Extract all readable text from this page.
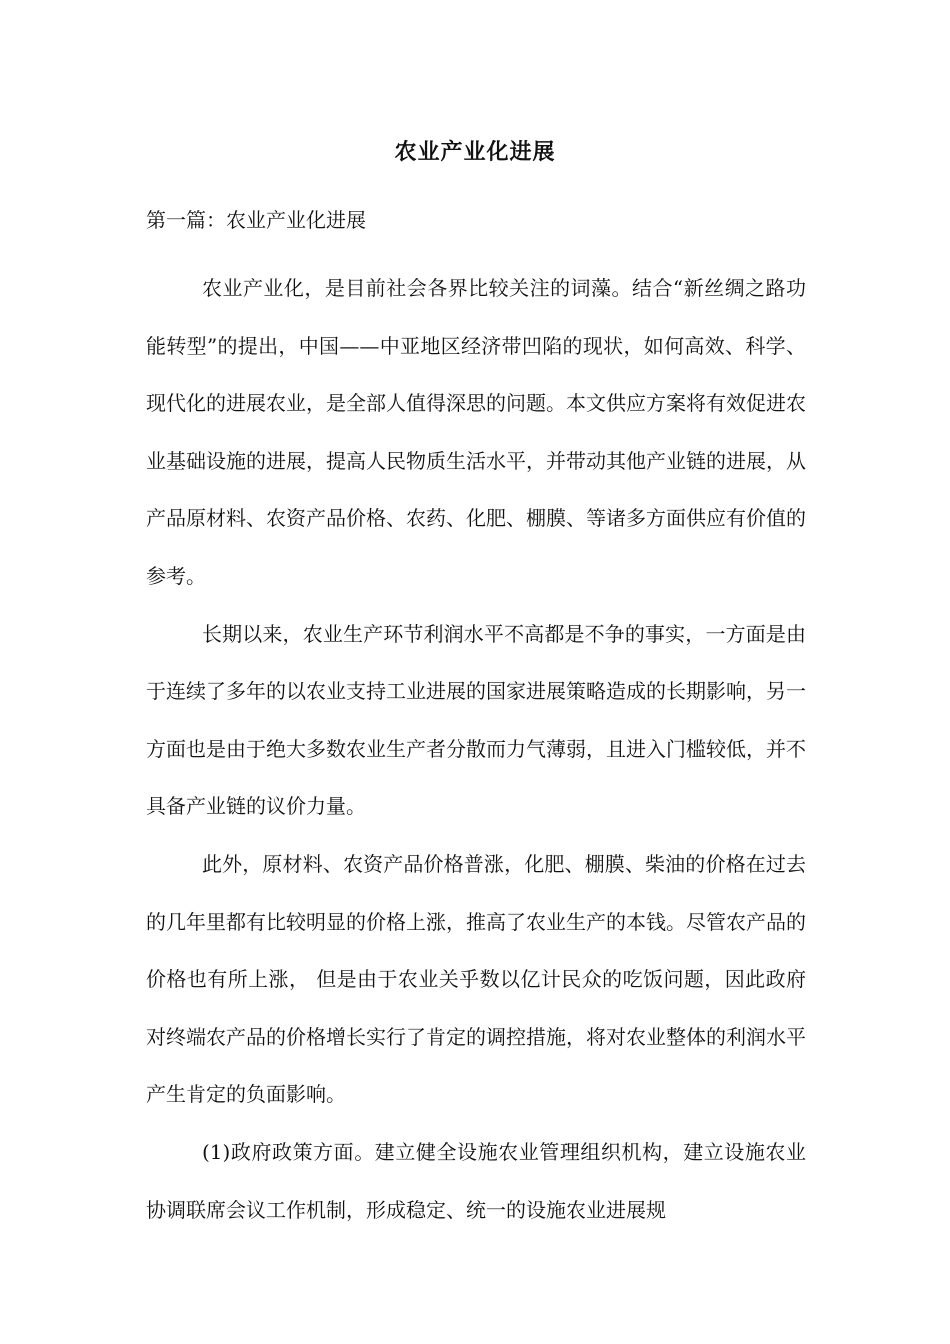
农业产业化进展
第一篇：农业产业化进展

农业产业化，是目前社会各界比较关注的词藻。结合“新丝绸之路功能转型”的提出，中国——中亚地区经济带凹陷的现状，如何高效、科学、现代化的进展农业，是全部人值得深思的问题。本文供应方案将有效促进农业基础设施的进展，提高人民物质生活水平，并带动其他产业链的进展，从产品原材料、农资产品价格、农药、化肥、棚膜、等诸多方面供应有价值的参考。

长期以来，农业生产环节利润水平不高都是不争的事实，一方面是由于连续了多年的以农业支持工业进展的国家进展策略造成的长期影响，另一方面也是由于绝大多数农业生产者分散而力气薄弱，且进入门槛较低，并不具备产业链的议价力量。

此外，原材料、农资产品价格普涨，化肥、棚膜、柴油的价格在过去的几年里都有比较明显的价格上涨，推高了农业生产的本钱。尽管农产品的价格也有所上涨， 但是由于农业关乎数以亿计民众的吃饭问题，因此政府对终端农产品的价格增长实行了肯定的调控措施，将对农业整体的利润水平产生肯定的负面影响。

(1)政府政策方面。建立健全设施农业管理组织机构，建立设施农业协调联席会议工作机制，形成稳定、统一的设施农业进展规
